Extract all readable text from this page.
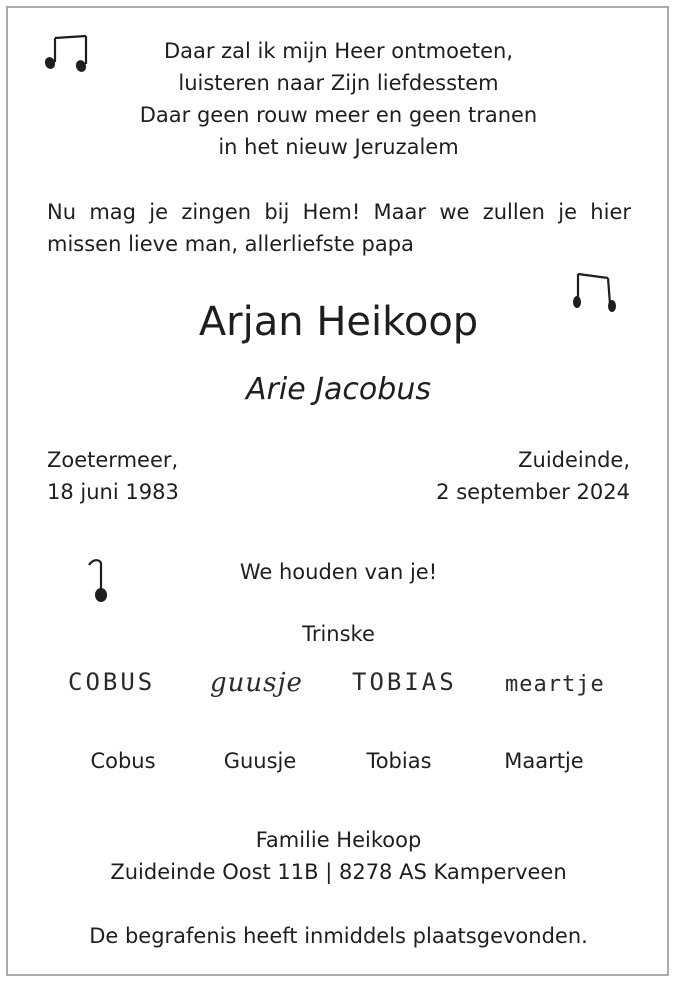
Daar zal ik mijn Heer ontmoeten,
luisteren naar Zijn liefdesstem
Daar geen rouw meer en geen tranen
in het nieuw Jeruzalem
Nu mag je zingen bij Hem! Maar we zullen je hier
missen lieve man, allerliefste papa
Arjan Heikoop
Arie Jacobus
Zoetermeer,
18 juni 1983
Zuideinde,
2 september 2024
We houden van je!
Trinske
COBUS guusje TOBIAS meartje
Cobus	Guusje	Tobias	Maartje
Familie Heikoop
Zuideinde Oost 11B | 8278 AS Kamperveen
De begrafenis heeft inmiddels plaatsgevonden.
